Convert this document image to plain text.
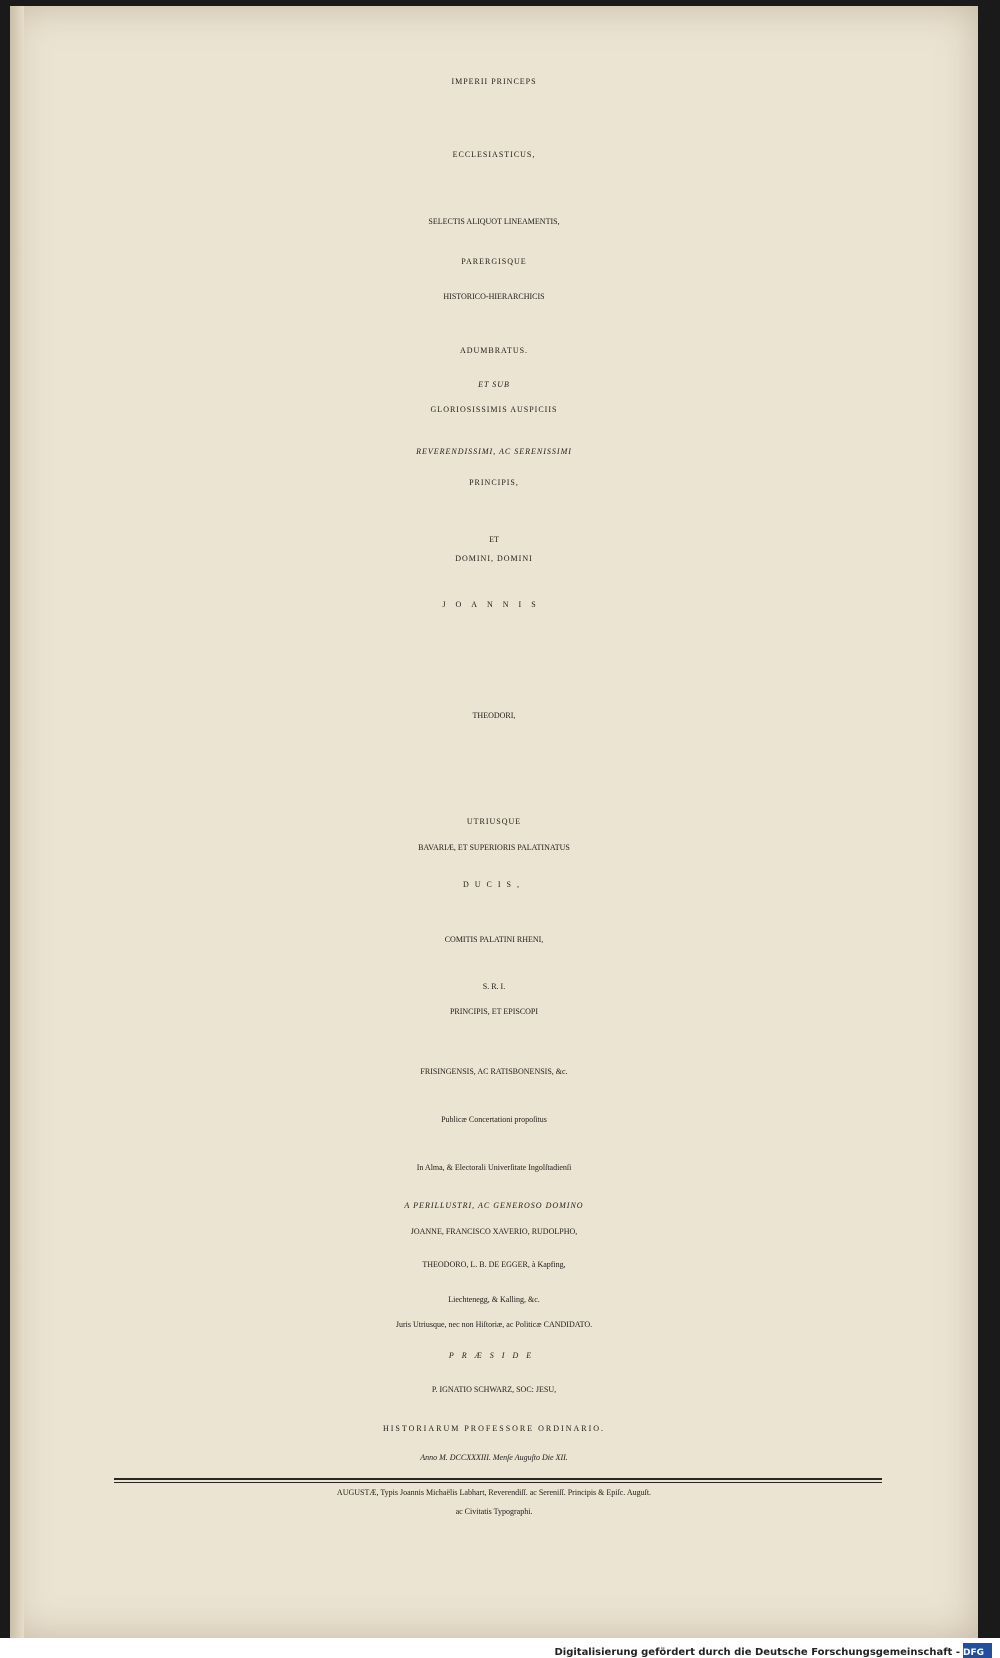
IMPERII PRINCEPS
ECCLESIASTICUS,
SELECTIS ALIQUOT LINEAMENTIS,
PARERGISQUE
HISTORICO-HIERARCHICIS
ADUMBRATUS.
ET SUB
GLORIOSISSIMIS AUSPICIIS
REVERENDISSIMI, AC SERENISSIMI
PRINCIPIS,
ET
DOMINI, DOMINI
JOANNIS
THEODORI,
UTRIUSQUE
BAVARIÆ, ET SUPERIORIS PALATINATUS
DUCIS,
COMITIS PALATINI RHENI,
S. R. I.
PRINCIPIS, ET EPISCOPI
FRISINGENSIS, AC RATISBONENSIS, &c.
Publicæ Concertationi propoſitus
In Alma, & Electorali Univerſitate Ingolſtadienſi
A PERILLUSTRI, AC GENEROSO DOMINO
JOANNE, FRANCISCO XAVERIO, RUDOLPHO,
THEODORO, L. B. DE EGGER, à Kapfing,
Liechtenegg, & Kalling, &c.
Juris Utriusque, nec non Hiſtoriæ, ac Politicæ CANDIDATO.
PRÆSIDE
P. IGNATIO SCHWARZ, SOC: JESU,
HISTORIARUM PROFESSORE ORDINARIO.
Anno M. DCCXXXIII. Menſe Auguſto Die XII.
AUGUSTÆ, Typis Joannis Michaëlis Labhart, Reverendiſſ. ac Sereniſſ. Principis & Epiſc. Auguſt.
ac Civitatis Typographi.
Digitalisierung gefördert durch die Deutsche Forschungsgemeinschaft - DFG
